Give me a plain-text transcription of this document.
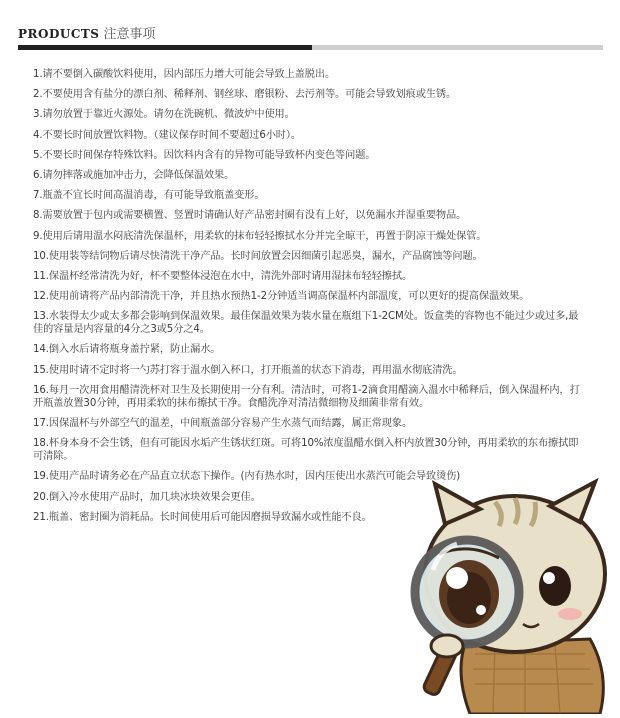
PRODUCTS 注意事项
1.请不要倒入碳酸饮料使用，因内部压力增大可能会导致上盖脱出。
2.不要使用含有盐分的漂白剂、稀释剂、钢丝球、磨银粉、去污剂等。可能会导致划痕或生锈。
3.请勿放置于靠近火源处。请勿在洗碗机、微波炉中使用。
4.不要长时间放置饮料物。（建议保存时间不要超过6小时）。
5.不要长时间保存特殊饮料。因饮料内含有的异物可能导致杯内变色等问题。
6.请勿摔落或施加冲击力，会降低保温效果。
7.瓶盖不宜长时间高温消毒，有可能导致瓶盖变形。
8.需要放置于包内或需要横置、竖置时请确认好产品密封圈有没有上好，以免漏水并湿重要物品。
9.使用后请用温水闷底清洗保温杯，用柔软的抹布轻轻擦拭水分并完全晾干，再置于阴凉干燥处保管。
10.使用装等结饲物后请尽快清洗干净产品。长时间放置会因细菌引起恶臭，漏水，产品腐蚀等问题。
11.保温杯经常清洗为好，杯不要整体浸泡在水中，清洗外部时请用湿抹布轻轻擦拭。
12.使用前请将产品内部清洗干净，并且热水预热1-2分钟适当调高保温杯内部温度，可以更好的提高保温效果。
13.水装得太少或太多都会影响到保温效果。最佳保温效果为装水量在瓶组下1-2CM处。饭盒类的容物也不能过少或过多,最佳的容量是内容量的4分之3或5分之4。
14.倒入水后请将瓶身盖拧紧，防止漏水。
15.使用时请不定时将一勺苏打容于温水倒入杯口，打开瓶盖的状态下消毒，再用温水彻底清洗。
16.每月一次用食用醋清洗杯对卫生及长期使用一分有利。清洁时，可将1-2滴食用醋滴入温水中稀释后，倒入保温杯内，打开瓶盖放置30分钟，再用柔软的抹布擦拭干净。食醋洗净对清洁微细物及细菌非常有效。
17.因保温杯与外部空气的温差，中间瓶盖部分容易产生水蒸气而结露，属正常现象。
18.杯身本身不会生锈，但有可能因水垢产生锈状红斑。可将10%浓度温醋水倒入杯内放置30分钟，再用柔软的东布擦拭即可清除。
19.使用产品时请务必在产品直立状态下操作。(内有热水时，因内压使出水蒸汽可能会导致烫伤)
20.倒入冷水使用产品时，加几块冰块效果会更佳。
21.瓶盖、密封圈为消耗品。长时间使用后可能因磨损导致漏水或性能不良。
